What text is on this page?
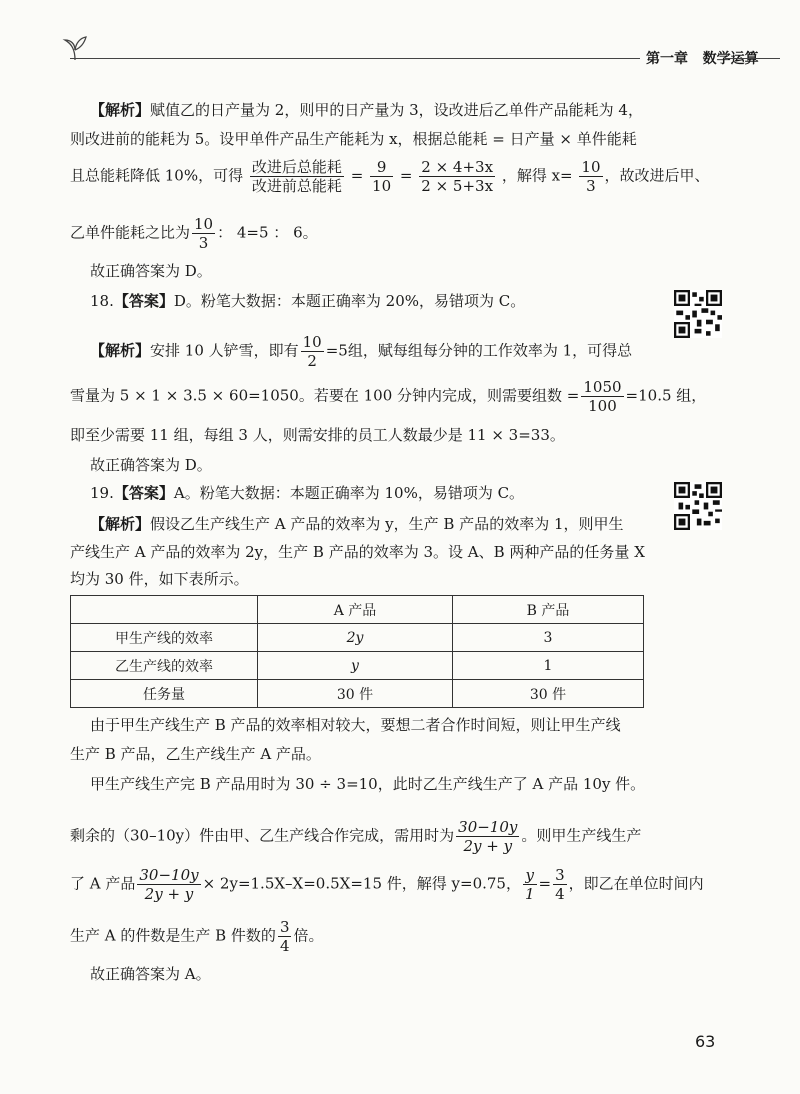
第一章 数学运算
【解析】赋值乙的日产量为 2，则甲的日产量为 3，设改进后乙单件产品能耗为 4，
则改进前的能耗为 5。设甲单件产品生产能耗为 x，根据总能耗 = 日产量 × 单件能耗
且总能耗降低 10%，可得 $\frac{\text{改进后总能耗}}{\text{改进前总能耗}} = \frac{9}{10} = \frac{2 \times 4+3x}{2 \times 5+3x}$ ，解得 $x= \frac{10}{3}$ ，故改进后甲、
乙单件能耗之比为 $\frac{10}{3}$ ： 4=5 ： 6。
故正确答案为 D。
18.【答案】D。粉笔大数据：本题正确率为 20%，易错项为 C。
【解析】安排 10 人铲雪，即有 $\frac{10}{2} =5$组，赋每组每分钟的工作效率为 1，可得总
雪量为 5 × 1 × 3.5 × 60=1050。若要在 100 分钟内完成，则需要组数 = $\frac{1050}{100} =10.5$ 组，
即至少需要 11 组，每组 3 人，则需安排的员工人数最少是 11 × 3=33。
故正确答案为 D。
19.【答案】A。粉笔大数据：本题正确率为 10%，易错项为 C。
【解析】假设乙生产线生产 A 产品的效率为 y，生产 B 产品的效率为 1，则甲生
产线生产 A 产品的效率为 2y，生产 B 产品的效率为 3。设 A、B 两种产品的任务量 X
均为 30 件，如下表所示。
	A 产品	B 产品
甲生产线的效率	2y	3
乙生产线的效率	y	1
任务量	30 件	30 件
由于甲生产线生产 B 产品的效率相对较大，要想二者合作时间短，则让甲生产线
生产 B 产品，乙生产线生产 A 产品。
甲生产线生产完 B 产品用时为 30 ÷ 3=10，此时乙生产线生产了 A 产品 10y 件。
剩余的（30–10y）件由甲、乙生产线合作完成，需用时为 $\frac{30-10y}{2y + y}$ 。则甲生产线生产
了 A 产品 $\frac{30-10y}{2y + y} \times 2y=1.5X-X=0.5X=15$ 件，解得 y=0.75， $\frac{y}{1} = \frac{3}{4}$ ，即乙在单位时间内
生产 A 的件数是生产 B 件数的 $\frac{3}{4}$ 倍。
故正确答案为 A。
63
